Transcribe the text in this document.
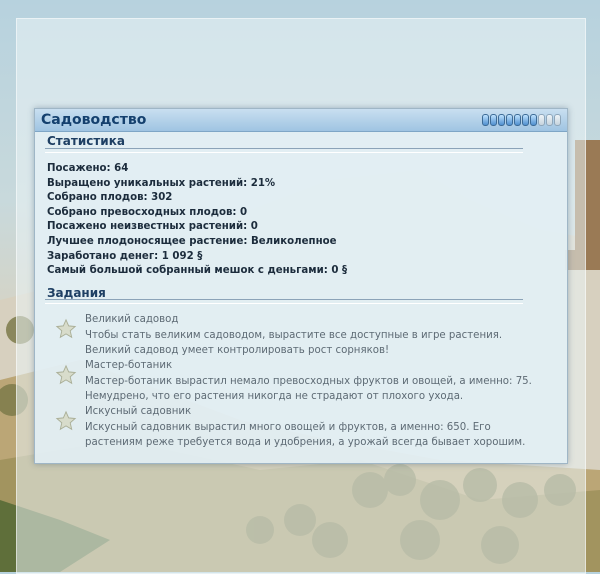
Садоводство
Статистика
Посажено: 64
Выращено уникальных растений: 21%
Собрано плодов: 302
Собрано превосходных плодов: 0
Посажено неизвестных растений: 0
Лучшее плодоносящее растение: Великолепное
Заработано денег: 1 092 §
Самый большой собранный мешок с деньгами: 0 §
Задания
Великий садовод
Чтобы стать великим садоводом, вырастите все доступные в игре растения. Великий садовод умеет контролировать рост сорняков!
Мастер-ботаник
Мастер-ботаник вырастил немало превосходных фруктов и овощей, а именно: 75. Немудрено, что его растения никогда не страдают от плохого ухода.
Искусный садовник
Искусный садовник вырастил много овощей и фруктов, а именно: 650. Его растениям реже требуется вода и удобрения, а урожай всегда бывает хорошим.
